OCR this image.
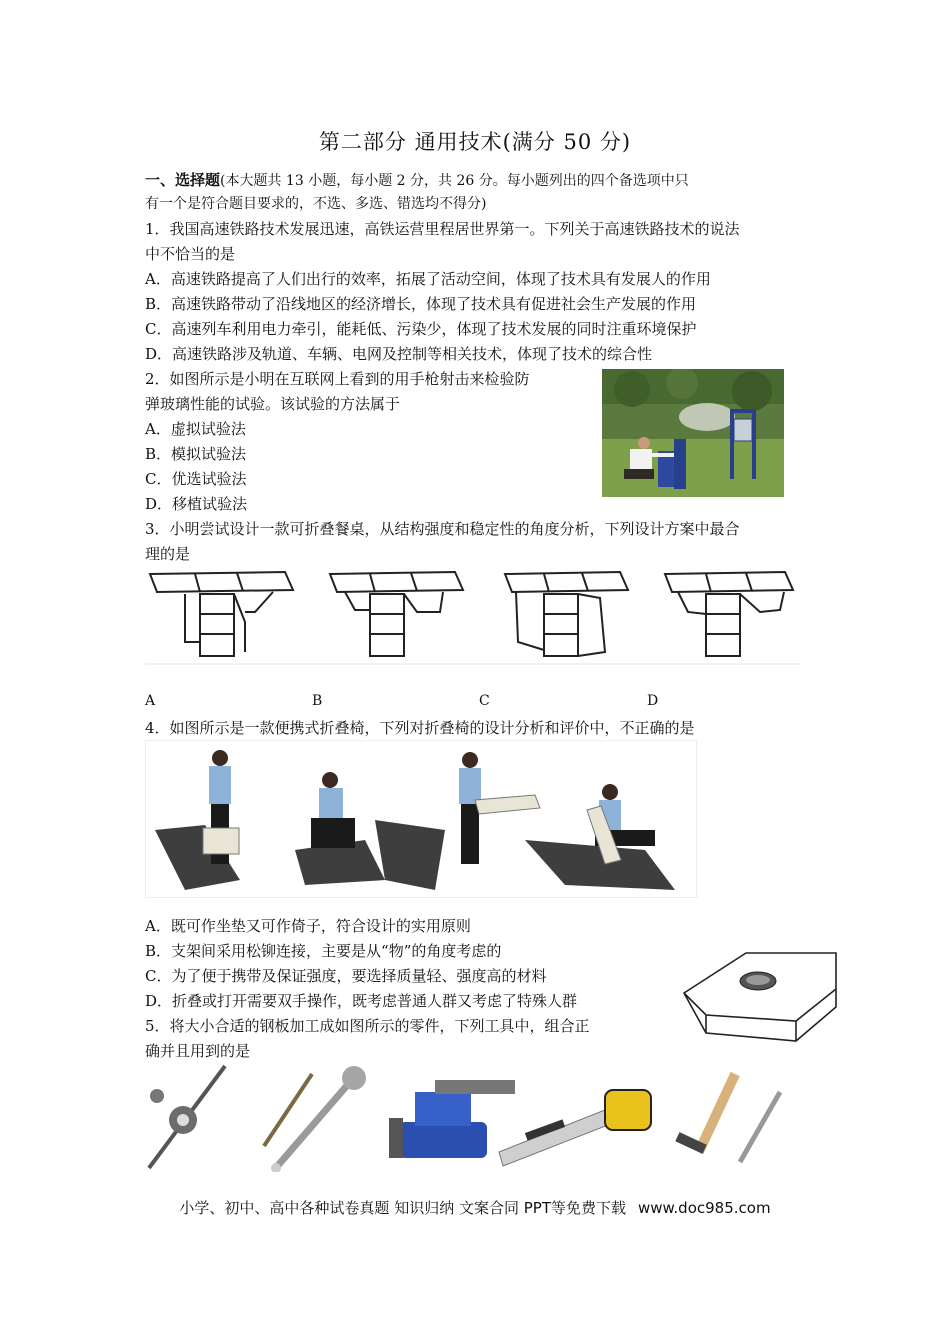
第二部分 通用技术(满分 50 分)
一、选择题(本大题共 13 小题，每小题 2 分，共 26 分。每小题列出的四个备选项中只
有一个是符合题目要求的，不选、多选、错选均不得分)
1．我国高速铁路技术发展迅速，高铁运营里程居世界第一。下列关于高速铁路技术的说法
中不恰当的是
A．高速铁路提高了人们出行的效率，拓展了活动空间，体现了技术具有发展人的作用
B．高速铁路带动了沿线地区的经济增长，体现了技术具有促进社会生产发展的作用
C．高速列车利用电力牵引，能耗低、污染少，体现了技术发展的同时注重环境保护
D．高速铁路涉及轨道、车辆、电网及控制等相关技术，体现了技术的综合性
2．如图所示是小明在互联网上看到的用手枪射击来检验防
弹玻璃性能的试验。该试验的方法属于
A．虚拟试验法
B．模拟试验法
C．优选试验法
D．移植试验法
3．小明尝试设计一款可折叠餐桌，从结构强度和稳定性的角度分析，下列设计方案中最合
理的是
A	B	C	D
4．如图所示是一款便携式折叠椅，下列对折叠椅的设计分析和评价中，不正确的是
A．既可作坐垫又可作倚子，符合设计的实用原则
B．支架间采用松铆连接，主要是从“物”的角度考虑的
C．为了便于携带及保证强度，要选择质量轻、强度高的材料
D．折叠或打开需要双手操作，既考虑普通人群又考虑了特殊人群
5．将大小合适的钢板加工成如图所示的零件，下列工具中，组合正
确并且用到的是
小学、初中、高中各种试卷真题 知识归纳 文案合同 PPT等免费下载 www.doc985.com
